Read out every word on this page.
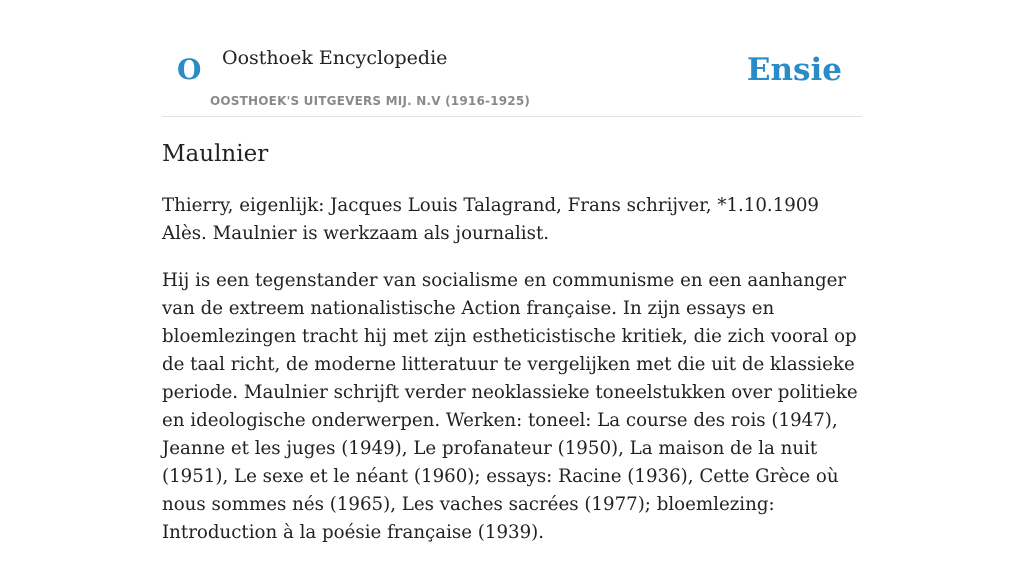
O Oosthoek Encyclopedie
OOSTHOEK'S UITGEVERS MIJ. N.V (1916-1925)
Ensie
Maulnier

Thierry, eigenlijk: Jacques Louis Talagrand, Frans schrijver, *1.10.1909 Alès. Maulnier is werkzaam als journalist.

Hij is een tegenstander van socialisme en communisme en een aanhanger van de extreem nationalistische Action française. In zijn essays en bloemlezingen tracht hij met zijn estheticistische kritiek, die zich vooral op de taal richt, de moderne litteratuur te vergelijken met die uit de klassieke periode. Maulnier schrijft verder neoklassieke toneelstukken over politieke en ideologische onderwerpen. Werken: toneel: La course des rois (1947), Jeanne et les juges (1949), Le profanateur (1950), La maison de la nuit (1951), Le sexe et le néant (1960); essays: Racine (1936), Cette Grèce où nous sommes nés (1965), Les vaches sacrées (1977); bloemlezing: Introduction à la poésie française (1939).
